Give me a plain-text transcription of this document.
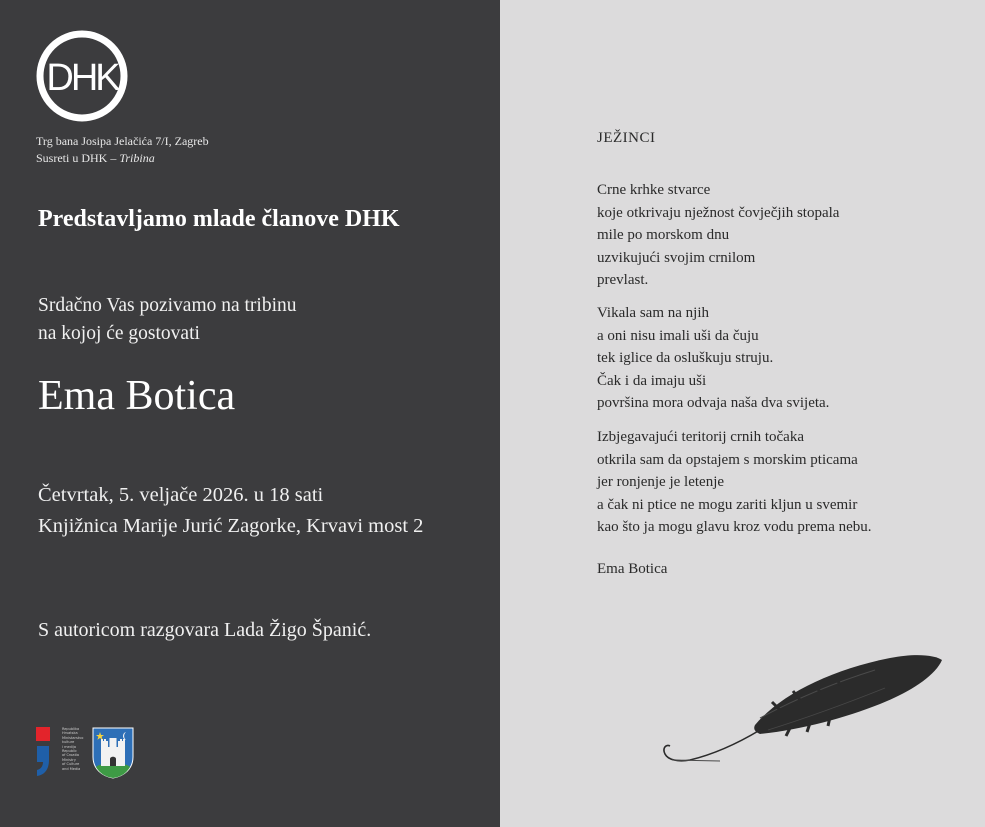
DHK
Trg bana Josipa Jelačića 7/I, Zagreb
Susreti u DHK – Tribina
Predstavljamo mlade članove DHK
Srdačno Vas pozivamo na tribinu
na kojoj će gostovati
Ema Botica
Četvrtak, 5. veljače 2026. u 18 sati
Knjižnica Marije Jurić Zagorke, Krvavi most 2
S autoricom razgovara Lada Žigo Španić.
Republika
Hrvatska
Ministarstvo
kulture
i medija
Republic
of Croatia
Ministry
of Culture
and Media
JEŽINCI
Crne krhke stvarce
koje otkrivaju nježnost čovječjih stopala
mile po morskom dnu
uzvikujući svojim crnilom
prevlast.
Vikala sam na njih
a oni nisu imali uši da čuju
tek iglice da osluškuju struju.
Čak i da imaju uši
površina mora odvaja naša dva svijeta.
Izbjegavajući teritorij crnih točaka
otkrila sam da opstajem s morskim pticama
jer ronjenje je letenje
a čak ni ptice ne mogu zariti kljun u svemir
kao što ja mogu glavu kroz vodu prema nebu.
Ema Botica
